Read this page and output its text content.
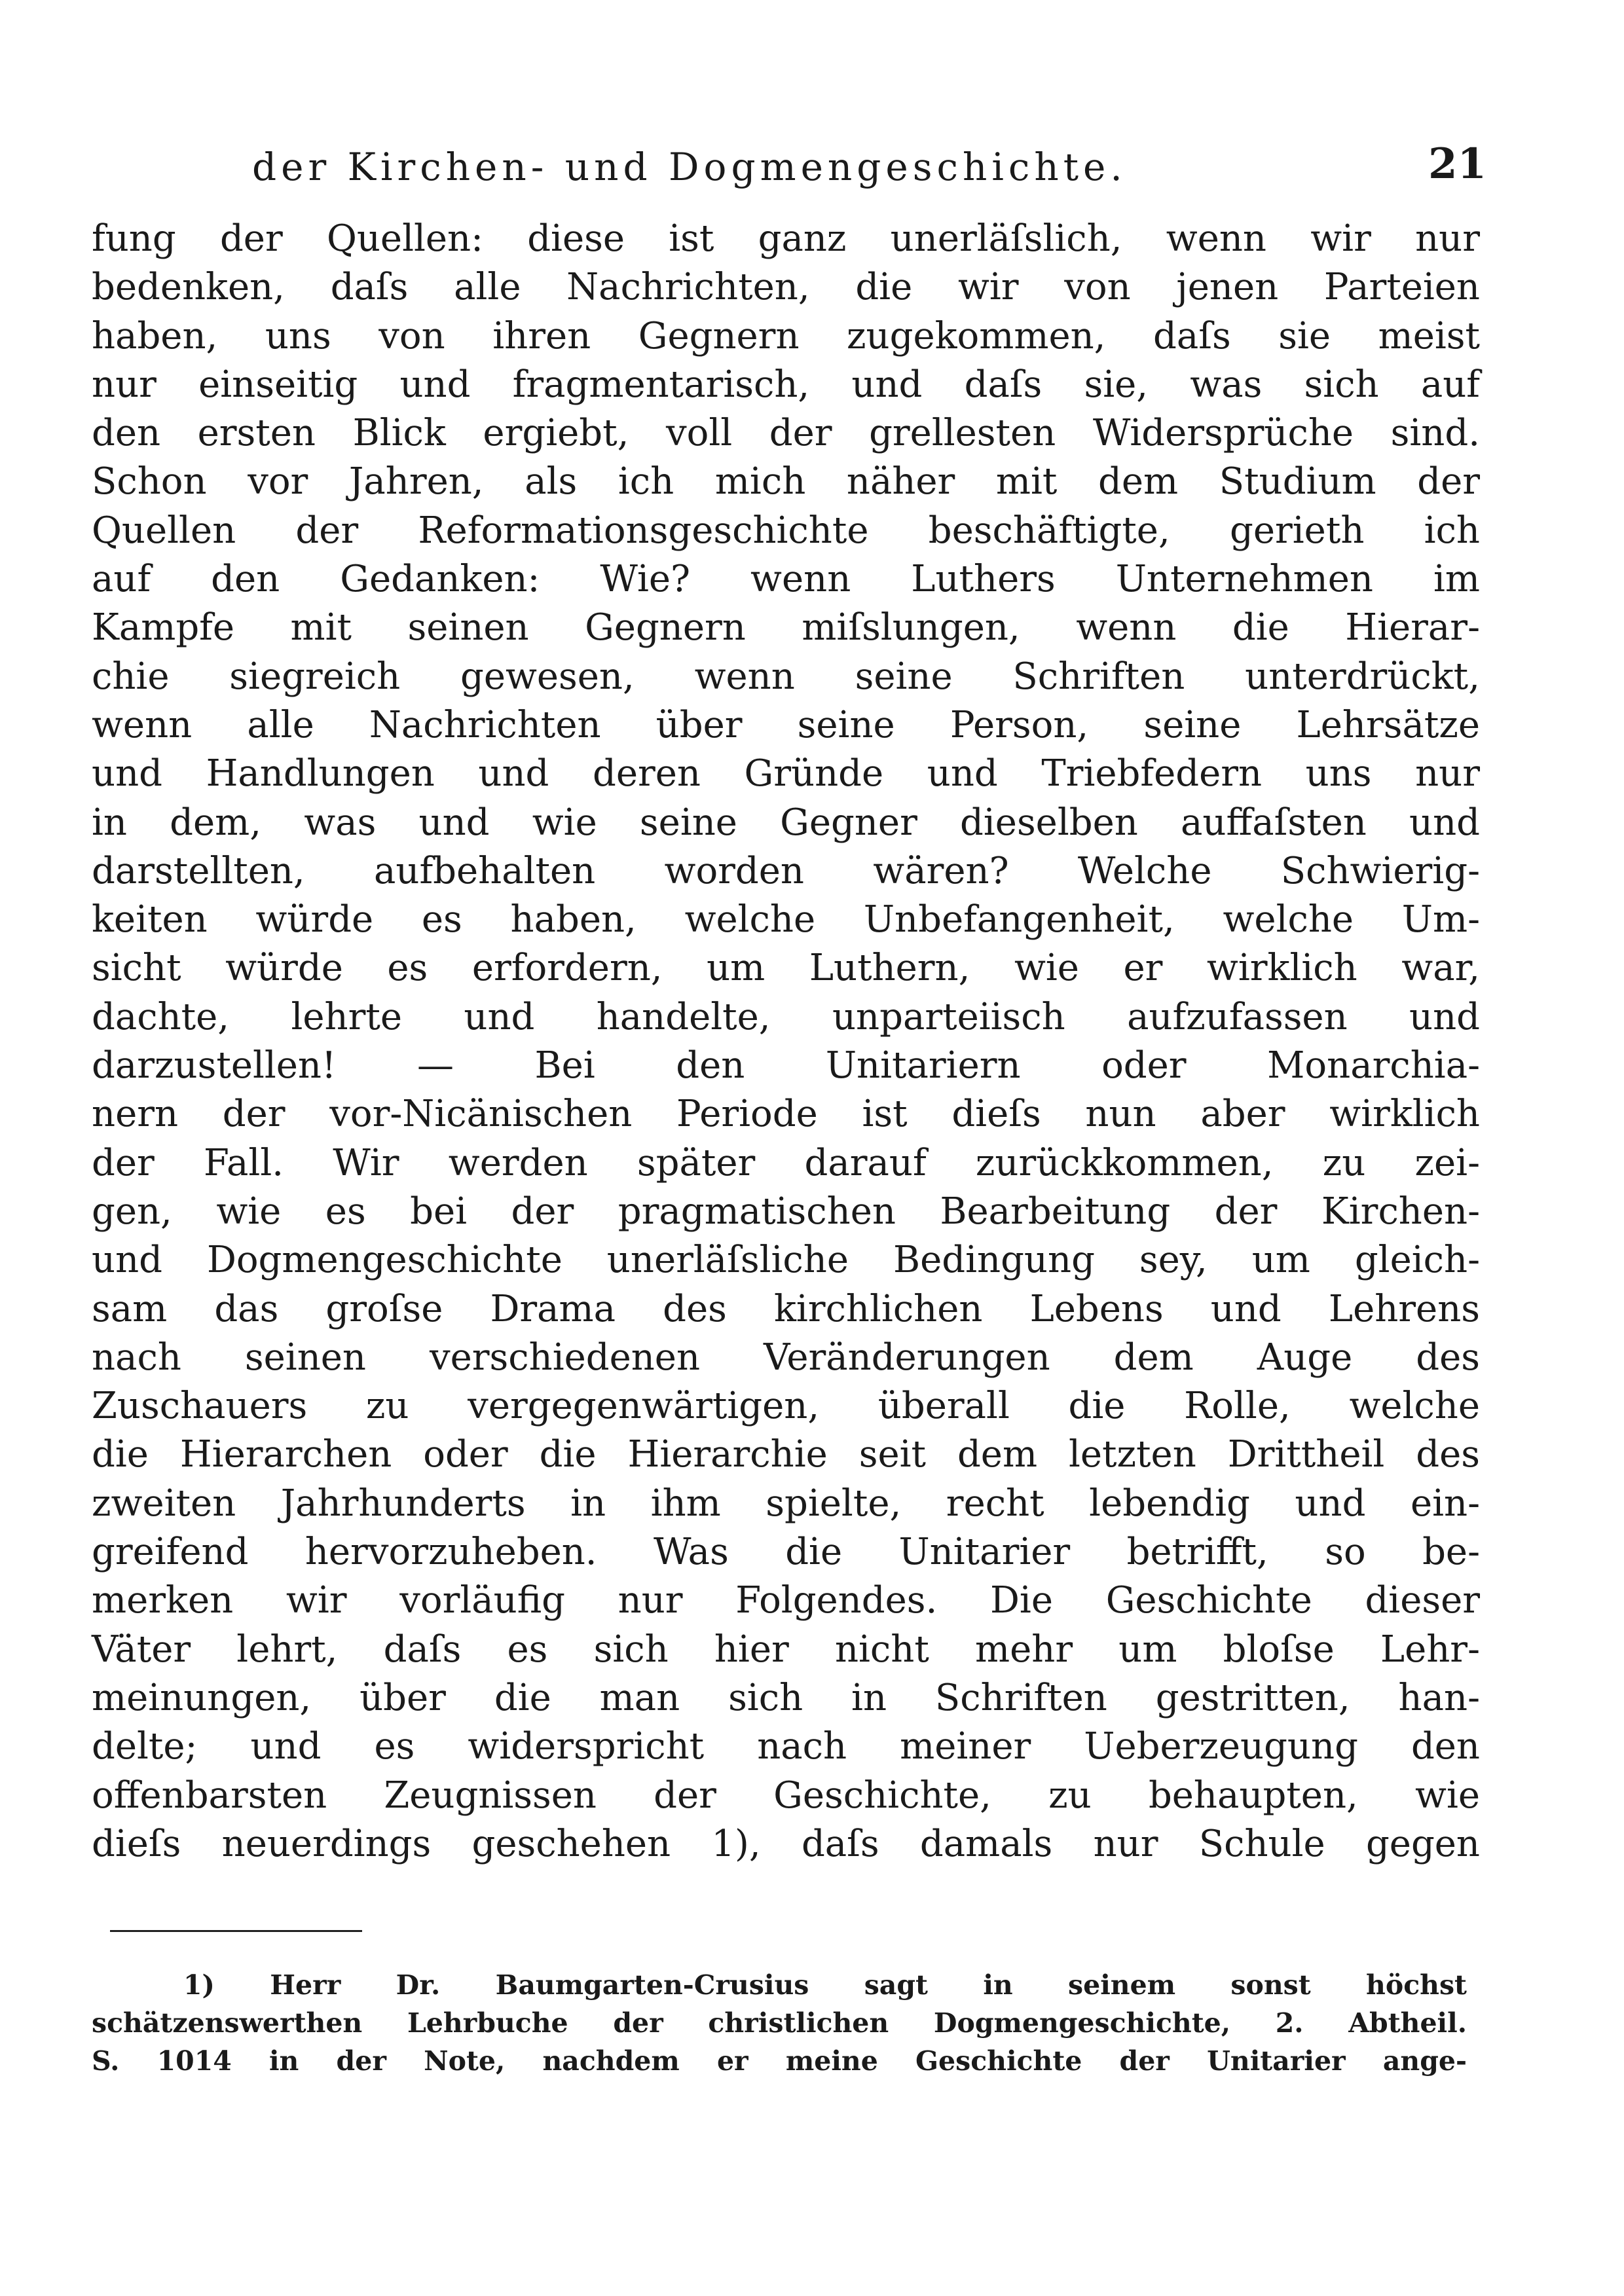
der Kirchen- und Dogmengeschichte.	21
fung der Quellen: diese ist ganz unerläſslich, wenn wir nur
bedenken, daſs alle Nachrichten, die wir von jenen Parteien
haben, uns von ihren Gegnern zugekommen, daſs sie meist
nur einseitig und fragmentarisch, und daſs sie, was sich auf
den ersten Blick ergiebt, voll der grellesten Widersprüche sind.
Schon vor Jahren, als ich mich näher mit dem Studium der
Quellen der Reformationsgeschichte beschäftigte, gerieth ich
auf den Gedanken: Wie? wenn Luthers Unternehmen im
Kampfe mit seinen Gegnern miſslungen, wenn die Hierar-
chie siegreich gewesen, wenn seine Schriften unterdrückt,
wenn alle Nachrichten über seine Person, seine Lehrsätze
und Handlungen und deren Gründe und Triebfedern uns nur
in dem, was und wie seine Gegner dieselben auffaſsten und
darstellten, aufbehalten worden wären? Welche Schwierig-
keiten würde es haben, welche Unbefangenheit, welche Um-
sicht würde es erfordern, um Luthern, wie er wirklich war,
dachte, lehrte und handelte, unparteiisch aufzufassen und
darzustellen! — Bei den Unitariern oder Monarchia-
nern der vor-Nicänischen Periode ist dieſs nun aber wirklich
der Fall. Wir werden später darauf zurückkommen, zu zei-
gen, wie es bei der pragmatischen Bearbeitung der Kirchen-
und Dogmengeschichte unerläſsliche Bedingung sey, um gleich-
sam das groſse Drama des kirchlichen Lebens und Lehrens
nach seinen verschiedenen Veränderungen dem Auge des
Zuschauers zu vergegenwärtigen, überall die Rolle, welche
die Hierarchen oder die Hierarchie seit dem letzten Drittheil des
zweiten Jahrhunderts in ihm spielte, recht lebendig und ein-
greifend hervorzuheben. Was die Unitarier betrifft, so be-
merken wir vorläufig nur Folgendes. Die Geschichte dieser
Väter lehrt, daſs es sich hier nicht mehr um bloſse Lehr-
meinungen, über die man sich in Schriften gestritten, han-
delte; und es widerspricht nach meiner Ueberzeugung den
offenbarsten Zeugnissen der Geschichte, zu behaupten, wie
dieſs neuerdings geschehen 1), daſs damals nur Schule gegen
1) Herr Dr. Baumgarten-Crusius sagt in seinem sonst höchst
schätzenswerthen Lehrbuche der christlichen Dogmengeschichte, 2. Abtheil.
S. 1014 in der Note, nachdem er meine Geschichte der Unitarier ange-
